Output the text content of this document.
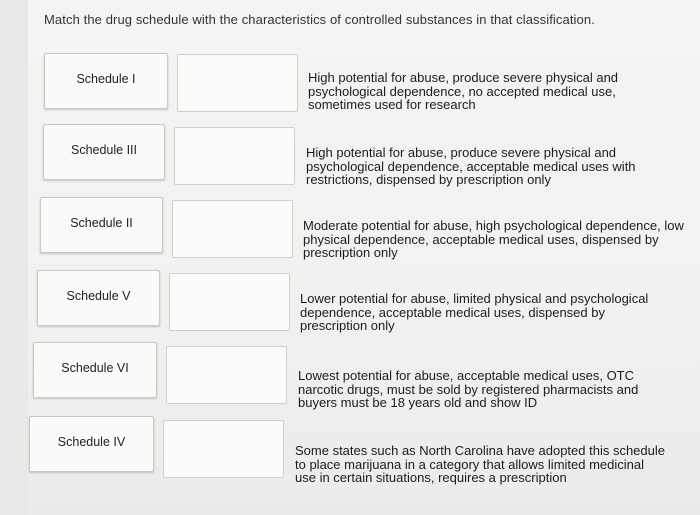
Match the drug schedule with the characteristics of controlled substances in that classification.
Schedule I
Schedule III
Schedule II
Schedule V
Schedule VI
Schedule IV
High potential for abuse, produce severe physical and psychological dependence, no accepted medical use, sometimes used for research
High potential for abuse, produce severe physical and psychological dependence, acceptable medical uses with restrictions, dispensed by prescription only
Moderate potential for abuse, high psychological dependence, low physical dependence, acceptable medical uses, dispensed by prescription only
Lower potential for abuse, limited physical and psychological dependence, acceptable medical uses, dispensed by prescription only
Lowest potential for abuse, acceptable medical uses, OTC narcotic drugs, must be sold by registered pharmacists and buyers must be 18 years old and show ID
Some states such as North Carolina have adopted this schedule to place marijuana in a category that allows limited medicinal use in certain situations, requires a prescription
